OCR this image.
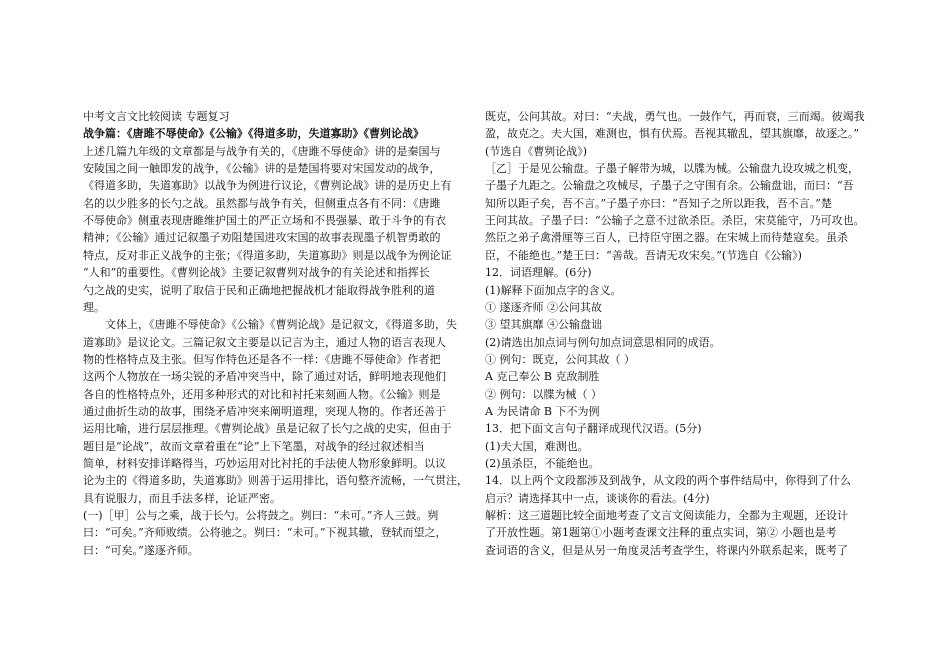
中考文言文比较阅读 专题复习
战争篇：《唐雎不辱使命》《公输》《得道多助，失道寡助》《曹刿论战》
上述几篇九年级的文章都是与战争有关的，《唐雎不辱使命》讲的是秦国与
安陵国之间一触即发的战争，《公输》讲的是楚国将要对宋国发动的战争，
《得道多助，失道寡助》以战争为例进行议论，《曹刿论战》讲的是历史上有
名的以少胜多的长勺之战。虽然都与战争有关，但侧重点各有不同：《唐雎
不辱使命》侧重表现唐雎维护国土的严正立场和不畏强暴、敢于斗争的有衣
精神；《公输》通过记叙墨子劝阻楚国进攻宋国的故事表现墨子机智勇敢的
特点，反对非正义战争的主张；《得道多助，失道寡助》则是以战争为例论证
“人和”的重要性。《曹刿论战》主要记叙曹刿对战争的有关论述和指挥长
勺之战的史实，说明了取信于民和正确地把握战机才能取得战争胜利的道
理。
文体上，《唐雎不辱使命》《公输》《曹刿论战》是记叙文，《得道多助，失
道寡助》是议论文。三篇记叙文主要是以记言为主，通过人物的语言表现人
物的性格特点及主张。但写作特色还是各不一样：《唐雎不辱使命》作者把
这两个人物放在一场尖锐的矛盾冲突当中，除了通过对话，鲜明地表现他们
各自的性格特点外，还用多种形式的对比和衬托来刻画人物。《公输》则是
通过曲折生动的故事，围绕矛盾冲突来阐明道理，突现人物的。作者还善于
运用比喻，进行层层推理。《曹刿论战》虽是记叙了长勺之战的史实，但由于
题目是“论战”，故而文章着重在“论”上下笔墨，对战争的经过叙述相当
简单，材料安排详略得当，巧妙运用对比衬托的手法使人物形象鲜明。以议
论为主的《得道多助，失道寡助》则善于运用排比，语句整齐流畅，一气贯注，
具有说服力，而且手法多样，论证严密。
(一)［甲］公与之乘，战于长勺。公将鼓之。刿曰：“未可。”齐人三鼓。刿
曰：“可矣。”齐师败绩。公将驰之。刿曰：“未可。”下视其辙，登轼而望之，
曰：“可矣。”遂逐齐师。
既克，公问其故。对曰：“夫战，勇气也。一鼓作气，再而衰，三而竭。彼竭我
盈，故克之。夫大国，难测也，惧有伏焉。吾视其辙乱，望其旗靡，故逐之。”
(节选自《曹刿论战》)
［乙］于是见公输盘。子墨子解带为城，以牒为械。公输盘九设攻城之机变，
子墨子九距之。公输盘之攻械尽，子墨子之守围有余。公输盘诎，而曰：“吾
知所以距子矣，吾不言。”子墨子亦曰：“吾知子之所以距我，吾不言。”楚
王问其故。子墨子曰：“公输子之意不过欲杀臣。杀臣，宋莫能守，乃可攻也。
然臣之弟子禽滑厘等三百人，已持臣守圉之器。在宋城上而待楚寇矣。虽杀
臣，不能绝也。”楚王曰：“善哉。吾请无攻宋矣。”(节选自《公输》)
12．词语理解。(6分)
(1)解释下面加点字的含义。
① 遂逐齐师 ②公问其故
③ 望其旗靡 ④公输盘诎
(2)请选出加点词与例句加点词意思相同的成语。
① 例句：既克，公问其故（ ）
A 克己奉公 B 克敌制胜
② 例句：以牒为械（ ）
A 为民请命 B 下不为例
13．把下面文言句子翻译成现代汉语。(5分)
(1)夫大国，难测也。
(2)虽杀臣，不能绝也。
14．以上两个文段都涉及到战争，从文段的两个事件结局中，你得到了什么
启示？请选择其中一点，谈谈你的看法。(4分)
解析：这三道题比较全面地考查了文言文阅读能力，全都为主观题，还设计
了开放性题。第1题第①小题考查课文注释的重点实词，第② 小题也是考
查词语的含义，但是从另一角度灵活考查学生，将课内外联系起来，既考了
